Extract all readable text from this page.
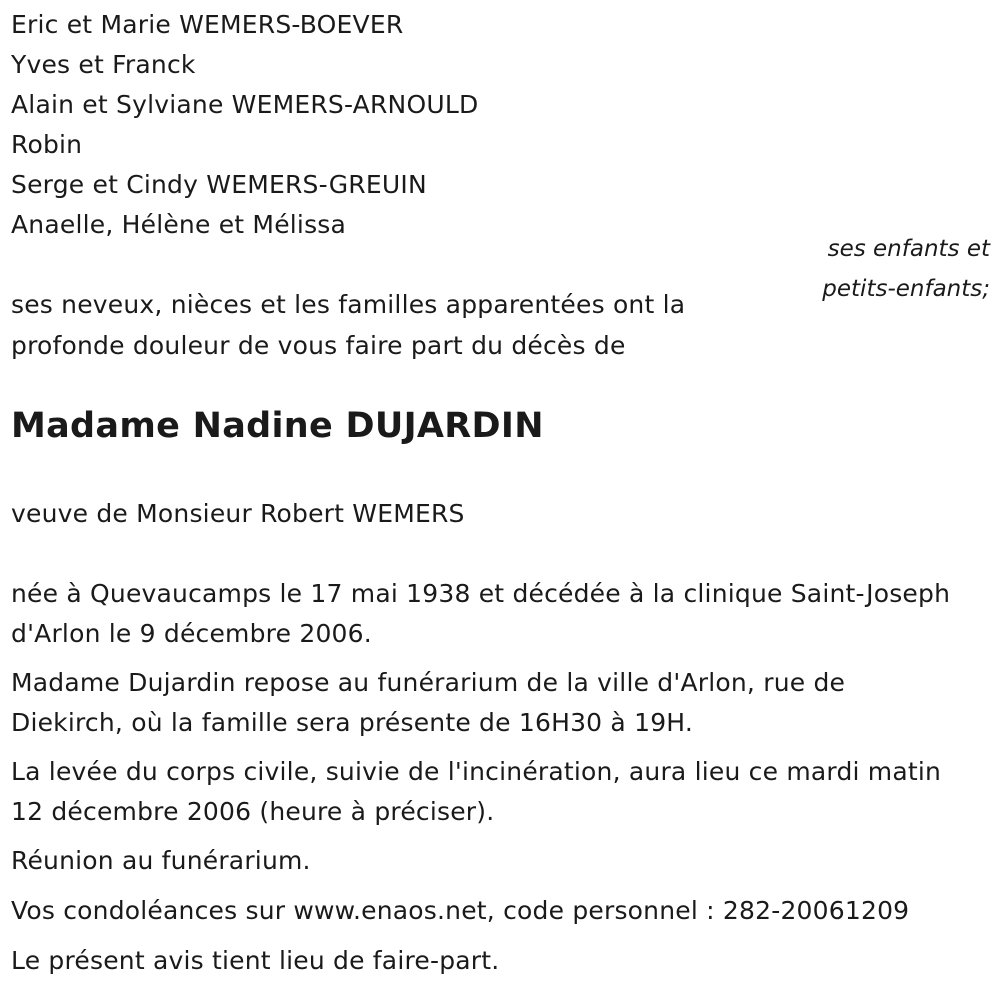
Eric et Marie WEMERS-BOEVER
Yves et Franck
Alain et Sylviane WEMERS-ARNOULD
Robin
Serge et Cindy WEMERS-GREUIN
Anaelle, Hélène et Mélissa
ses enfants et
petits-enfants;
ses neveux, nièces et les familles apparentées ont la
profonde douleur de vous faire part du décès de
Madame Nadine DUJARDIN
veuve de Monsieur Robert WEMERS
née à Quevaucamps le 17 mai 1938 et décédée à la clinique Saint-Joseph
d'Arlon le 9 décembre 2006.
Madame Dujardin repose au funérarium de la ville d'Arlon, rue de
Diekirch, où la famille sera présente de 16H30 à 19H.
La levée du corps civile, suivie de l'incinération, aura lieu ce mardi matin
12 décembre 2006 (heure à préciser).
Réunion au funérarium.
Vos condoléances sur www.enaos.net, code personnel : 282-20061209
Le présent avis tient lieu de faire-part.
